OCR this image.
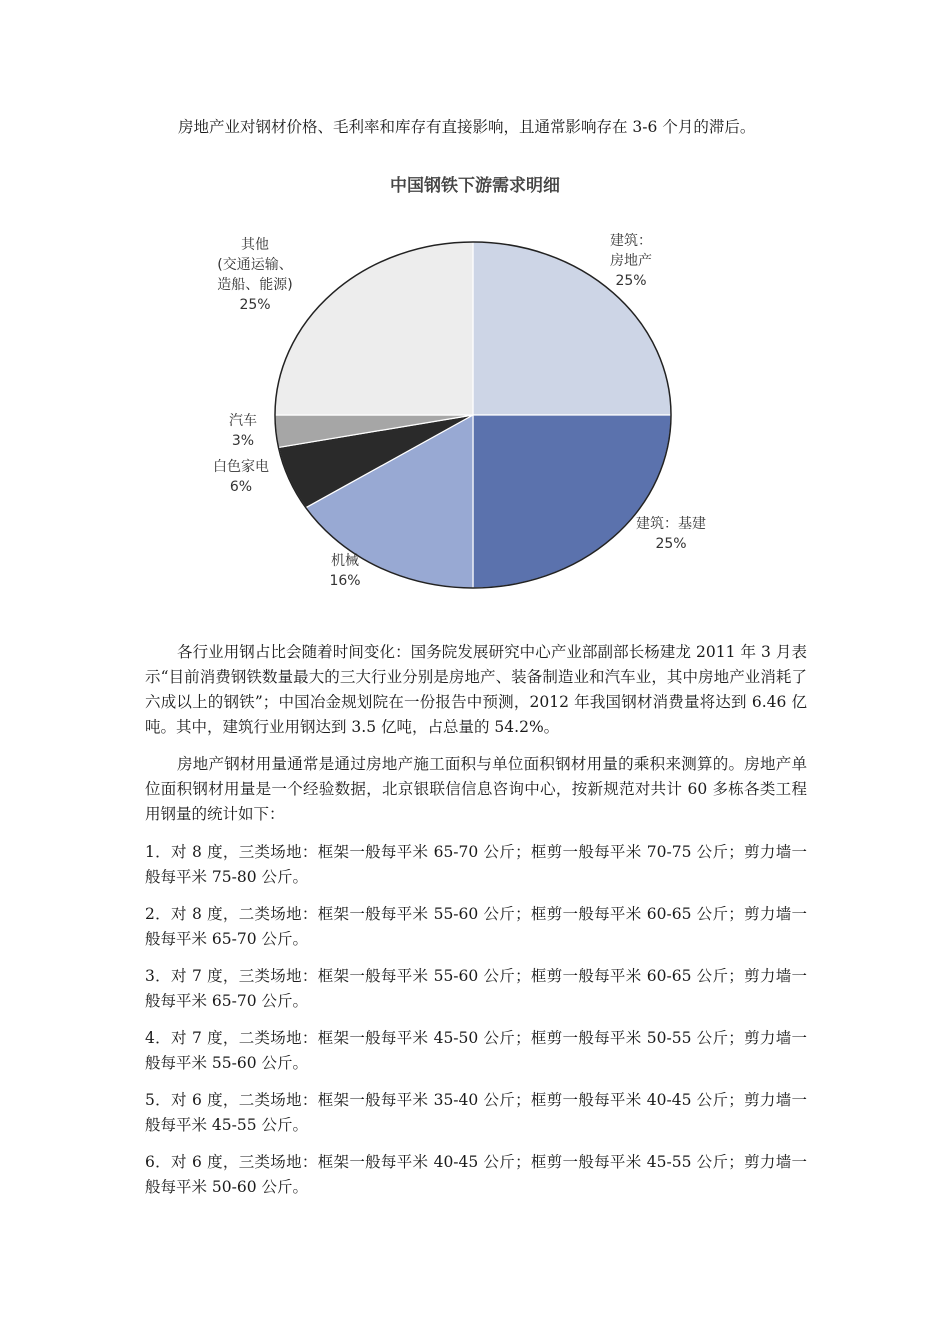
房地产业对钢材价格、毛利率和库存有直接影响，且通常影响存在 3-6 个月的滞后。

中国钢铁下游需求明细
建筑：房地产 25%
建筑：基建 25%
机械 16%
白色家电 6%
汽车 3%
其他(交通运输、造船、能源) 25%

各行业用钢占比会随着时间变化：国务院发展研究中心产业部副部长杨建龙 2011 年 3 月表示“目前消费钢铁数量最大的三大行业分别是房地产、装备制造业和汽车业，其中房地产业消耗了六成以上的钢铁”；中国冶金规划院在一份报告中预测，2012 年我国钢材消费量将达到 6.46 亿吨。其中，建筑行业用钢达到 3.5 亿吨，占总量的 54.2%。

房地产钢材用量通常是通过房地产施工面积与单位面积钢材用量的乘积来测算的。房地产单位面积钢材用量是一个经验数据，北京银联信信息咨询中心，按新规范对共计 60 多栋各类工程用钢量的统计如下：

1．对 8 度，三类场地：框架一般每平米 65-70 公斤；框剪一般每平米 70-75 公斤；剪力墙一般每平米 75-80 公斤。

2．对 8 度，二类场地：框架一般每平米 55-60 公斤；框剪一般每平米 60-65 公斤；剪力墙一般每平米 65-70 公斤。

3．对 7 度，三类场地：框架一般每平米 55-60 公斤；框剪一般每平米 60-65 公斤；剪力墙一般每平米 65-70 公斤。

4．对 7 度，二类场地：框架一般每平米 45-50 公斤；框剪一般每平米 50-55 公斤；剪力墙一般每平米 55-60 公斤。

5．对 6 度，二类场地：框架一般每平米 35-40 公斤；框剪一般每平米 40-45 公斤；剪力墙一般每平米 45-55 公斤。

6．对 6 度，三类场地：框架一般每平米 40-45 公斤；框剪一般每平米 45-55 公斤；剪力墙一般每平米 50-60 公斤。
